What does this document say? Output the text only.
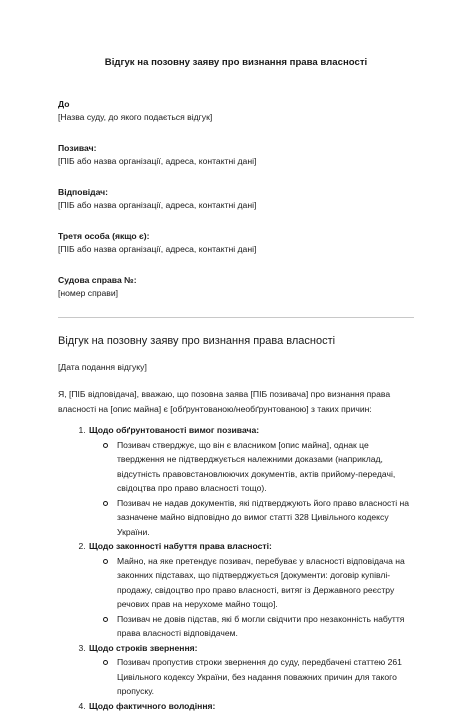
Відгук на позовну заяву про визнання права власності

До

[Назва суду, до якого подається відгук]

Позивач:

[ПІБ або назва організації, адреса, контактні дані]

Відповідач:

[ПІБ або назва організації, адреса, контактні дані]

Третя особа (якщо є):

[ПІБ або назва організації, адреса, контактні дані]

Судова справа №:

[номер справи]

Відгук на позовну заяву про визнання права власності

[Дата подання відгуку]

Я, [ПІБ відповідача], вважаю, що позовна заява [ПІБ позивача] про визнання права власності на [опис майна] є [обґрунтованою/необґрунтованою] з таких причин:

1. Щодо обґрунтованості вимог позивача:
Позивач стверджує, що він є власником [опис майна], однак це твердження не підтверджується належними доказами (наприклад, відсутність правовстановлюючих документів, актів прийому-передачі, свідоцтва про право власності тощо).
Позивач не надав документів, які підтверджують його право власності на зазначене майно відповідно до вимог статті 328 Цивільного кодексу України.
2. Щодо законності набуття права власності:
Майно, на яке претендує позивач, перебуває у власності відповідача на законних підставах, що підтверджується [документи: договір купівлі-продажу, свідоцтво про право власності, витяг із Державного реєстру речових прав на нерухоме майно тощо].
Позивач не довів підстав, які б могли свідчити про незаконність набуття права власності відповідачем.
3. Щодо строків звернення:
Позивач пропустив строки звернення до суду, передбачені статтею 261 Цивільного кодексу України, без надання поважних причин для такого пропуску.
4. Щодо фактичного володіння:
